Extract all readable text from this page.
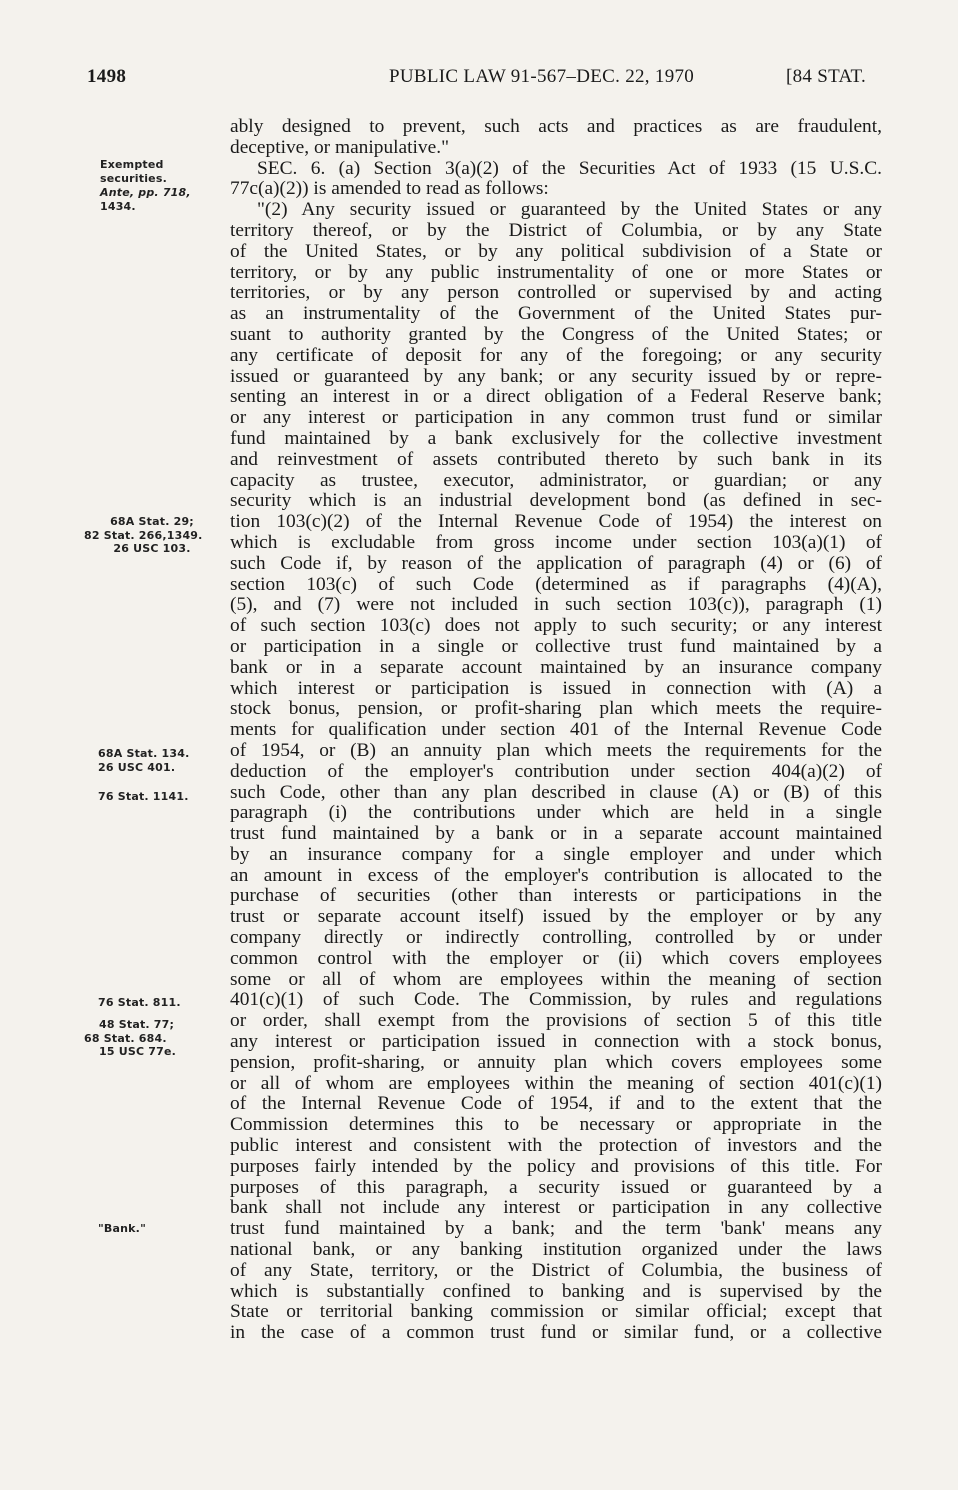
1498	PUBLIC LAW 91-567–DEC. 22, 1970	[84 STAT.
Exempted
securities.
Ante, pp. 718,
1434.
68A Stat. 29;
82 Stat. 266,1349.
26 USC 103.
68A Stat. 134.
26 USC 401.
76 Stat. 1141.
76 Stat. 811.
48 Stat. 77;
68 Stat. 684.
15 USC 77e.
"Bank."
ably designed to prevent, such acts and practices as are fraudulent,
deceptive, or manipulative."
SEC. 6. (a) Section 3(a)(2) of the Securities Act of 1933 (15 U.S.C.
77c(a)(2)) is amended to read as follows:
"(2) Any security issued or guaranteed by the United States or any
territory thereof, or by the District of Columbia, or by any State
of the United States, or by any political subdivision of a State or
territory, or by any public instrumentality of one or more States or
territories, or by any person controlled or supervised by and acting
as an instrumentality of the Government of the United States pur-
suant to authority granted by the Congress of the United States; or
any certificate of deposit for any of the foregoing; or any security
issued or guaranteed by any bank; or any security issued by or repre-
senting an interest in or a direct obligation of a Federal Reserve bank;
or any interest or participation in any common trust fund or similar
fund maintained by a bank exclusively for the collective investment
and reinvestment of assets contributed thereto by such bank in its
capacity as trustee, executor, administrator, or guardian; or any
security which is an industrial development bond (as defined in sec-
tion 103(c)(2) of the Internal Revenue Code of 1954) the interest on
which is excludable from gross income under section 103(a)(1) of
such Code if, by reason of the application of paragraph (4) or (6) of
section 103(c) of such Code (determined as if paragraphs (4)(A),
(5), and (7) were not included in such section 103(c)), paragraph (1)
of such section 103(c) does not apply to such security; or any interest
or participation in a single or collective trust fund maintained by a
bank or in a separate account maintained by an insurance company
which interest or participation is issued in connection with (A) a
stock bonus, pension, or profit-sharing plan which meets the require-
ments for qualification under section 401 of the Internal Revenue Code
of 1954, or (B) an annuity plan which meets the requirements for the
deduction of the employer's contribution under section 404(a)(2) of
such Code, other than any plan described in clause (A) or (B) of this
paragraph (i) the contributions under which are held in a single
trust fund maintained by a bank or in a separate account maintained
by an insurance company for a single employer and under which
an amount in excess of the employer's contribution is allocated to the
purchase of securities (other than interests or participations in the
trust or separate account itself) issued by the employer or by any
company directly or indirectly controlling, controlled by or under
common control with the employer or (ii) which covers employees
some or all of whom are employees within the meaning of section
401(c)(1) of such Code. The Commission, by rules and regulations
or order, shall exempt from the provisions of section 5 of this title
any interest or participation issued in connection with a stock bonus,
pension, profit-sharing, or annuity plan which covers employees some
or all of whom are employees within the meaning of section 401(c)(1)
of the Internal Revenue Code of 1954, if and to the extent that the
Commission determines this to be necessary or appropriate in the
public interest and consistent with the protection of investors and the
purposes fairly intended by the policy and provisions of this title. For
purposes of this paragraph, a security issued or guaranteed by a
bank shall not include any interest or participation in any collective
trust fund maintained by a bank; and the term 'bank' means any
national bank, or any banking institution organized under the laws
of any State, territory, or the District of Columbia, the business of
which is substantially confined to banking and is supervised by the
State or territorial banking commission or similar official; except that
in the case of a common trust fund or similar fund, or a collective
